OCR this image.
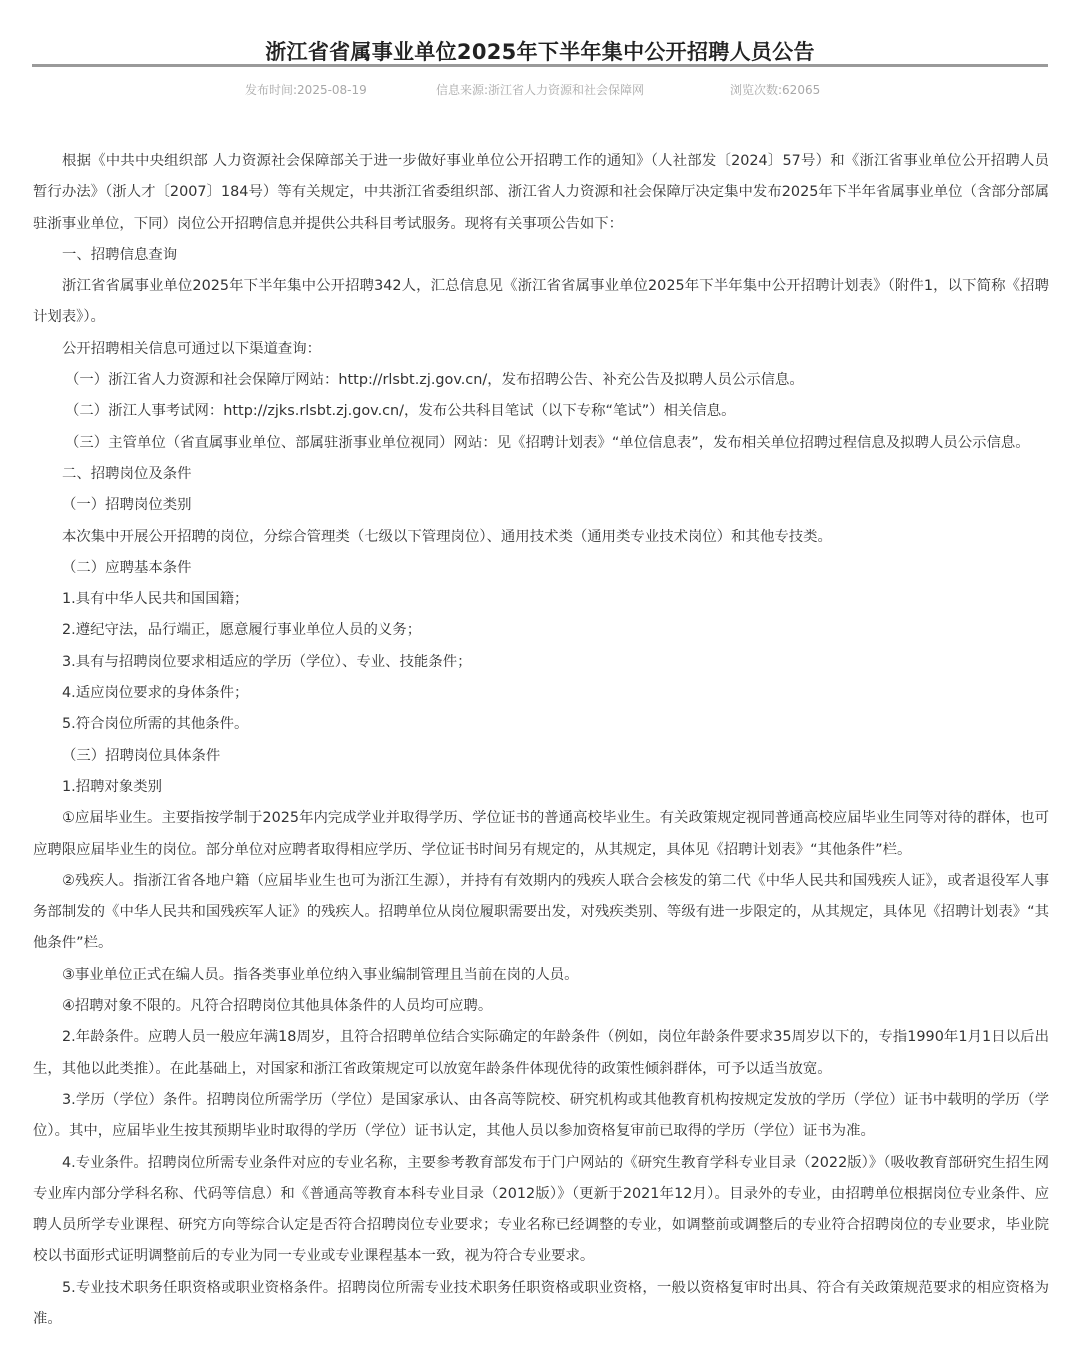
浙江省省属事业单位2025年下半年集中公开招聘人员公告
发布时间:2025-08-19	信息来源:浙江省人力资源和社会保障网	浏览次数:62065

根据《中共中央组织部 人力资源社会保障部关于进一步做好事业单位公开招聘工作的通知》（人社部发〔2024〕57号）和《浙江省事业单位公开招聘人员暂行办法》（浙人才〔2007〕184号）等有关规定，中共浙江省委组织部、浙江省人力资源和社会保障厅决定集中发布2025年下半年省属事业单位（含部分部属驻浙事业单位，下同）岗位公开招聘信息并提供公共科目考试服务。现将有关事项公告如下：

一、招聘信息查询

浙江省省属事业单位2025年下半年集中公开招聘342人，汇总信息见《浙江省省属事业单位2025年下半年集中公开招聘计划表》（附件1，以下简称《招聘计划表》）。

公开招聘相关信息可通过以下渠道查询：

（一）浙江省人力资源和社会保障厅网站：http://rlsbt.zj.gov.cn/，发布招聘公告、补充公告及拟聘人员公示信息。

（二）浙江人事考试网：http://zjks.rlsbt.zj.gov.cn/，发布公共科目笔试（以下专称“笔试”）相关信息。

（三）主管单位（省直属事业单位、部属驻浙事业单位视同）网站：见《招聘计划表》“单位信息表”，发布相关单位招聘过程信息及拟聘人员公示信息。

二、招聘岗位及条件

（一）招聘岗位类别

本次集中开展公开招聘的岗位，分综合管理类（七级以下管理岗位）、通用技术类（通用类专业技术岗位）和其他专技类。

（二）应聘基本条件

1.具有中华人民共和国国籍；

2.遵纪守法，品行端正，愿意履行事业单位人员的义务；

3.具有与招聘岗位要求相适应的学历（学位）、专业、技能条件；

4.适应岗位要求的身体条件；

5.符合岗位所需的其他条件。

（三）招聘岗位具体条件

1.招聘对象类别

①应届毕业生。主要指按学制于2025年内完成学业并取得学历、学位证书的普通高校毕业生。有关政策规定视同普通高校应届毕业生同等对待的群体，也可应聘限应届毕业生的岗位。部分单位对应聘者取得相应学历、学位证书时间另有规定的，从其规定，具体见《招聘计划表》“其他条件”栏。

②残疾人。指浙江省各地户籍（应届毕业生也可为浙江生源），并持有有效期内的残疾人联合会核发的第二代《中华人民共和国残疾人证》，或者退役军人事务部制发的《中华人民共和国残疾军人证》的残疾人。招聘单位从岗位履职需要出发，对残疾类别、等级有进一步限定的，从其规定，具体见《招聘计划表》“其他条件”栏。

③事业单位正式在编人员。指各类事业单位纳入事业编制管理且当前在岗的人员。

④招聘对象不限的。凡符合招聘岗位其他具体条件的人员均可应聘。

2.年龄条件。应聘人员一般应年满18周岁，且符合招聘单位结合实际确定的年龄条件（例如，岗位年龄条件要求35周岁以下的，专指1990年1月1日以后出生，其他以此类推）。在此基础上，对国家和浙江省政策规定可以放宽年龄条件体现优待的政策性倾斜群体，可予以适当放宽。

3.学历（学位）条件。招聘岗位所需学历（学位）是国家承认、由各高等院校、研究机构或其他教育机构按规定发放的学历（学位）证书中载明的学历（学位）。其中，应届毕业生按其预期毕业时取得的学历（学位）证书认定，其他人员以参加资格复审前已取得的学历（学位）证书为准。

4.专业条件。招聘岗位所需专业条件对应的专业名称，主要参考教育部发布于门户网站的《研究生教育学科专业目录（2022版）》（吸收教育部研究生招生网专业库内部分学科名称、代码等信息）和《普通高等教育本科专业目录（2012版）》（更新于2021年12月）。目录外的专业，由招聘单位根据岗位专业条件、应聘人员所学专业课程、研究方向等综合认定是否符合招聘岗位专业要求；专业名称已经调整的专业，如调整前或调整后的专业符合招聘岗位的专业要求，毕业院校以书面形式证明调整前后的专业为同一专业或专业课程基本一致，视为符合专业要求。

5.专业技术职务任职资格或职业资格条件。招聘岗位所需专业技术职务任职资格或职业资格，一般以资格复审时出具、符合有关政策规范要求的相应资格为准。
